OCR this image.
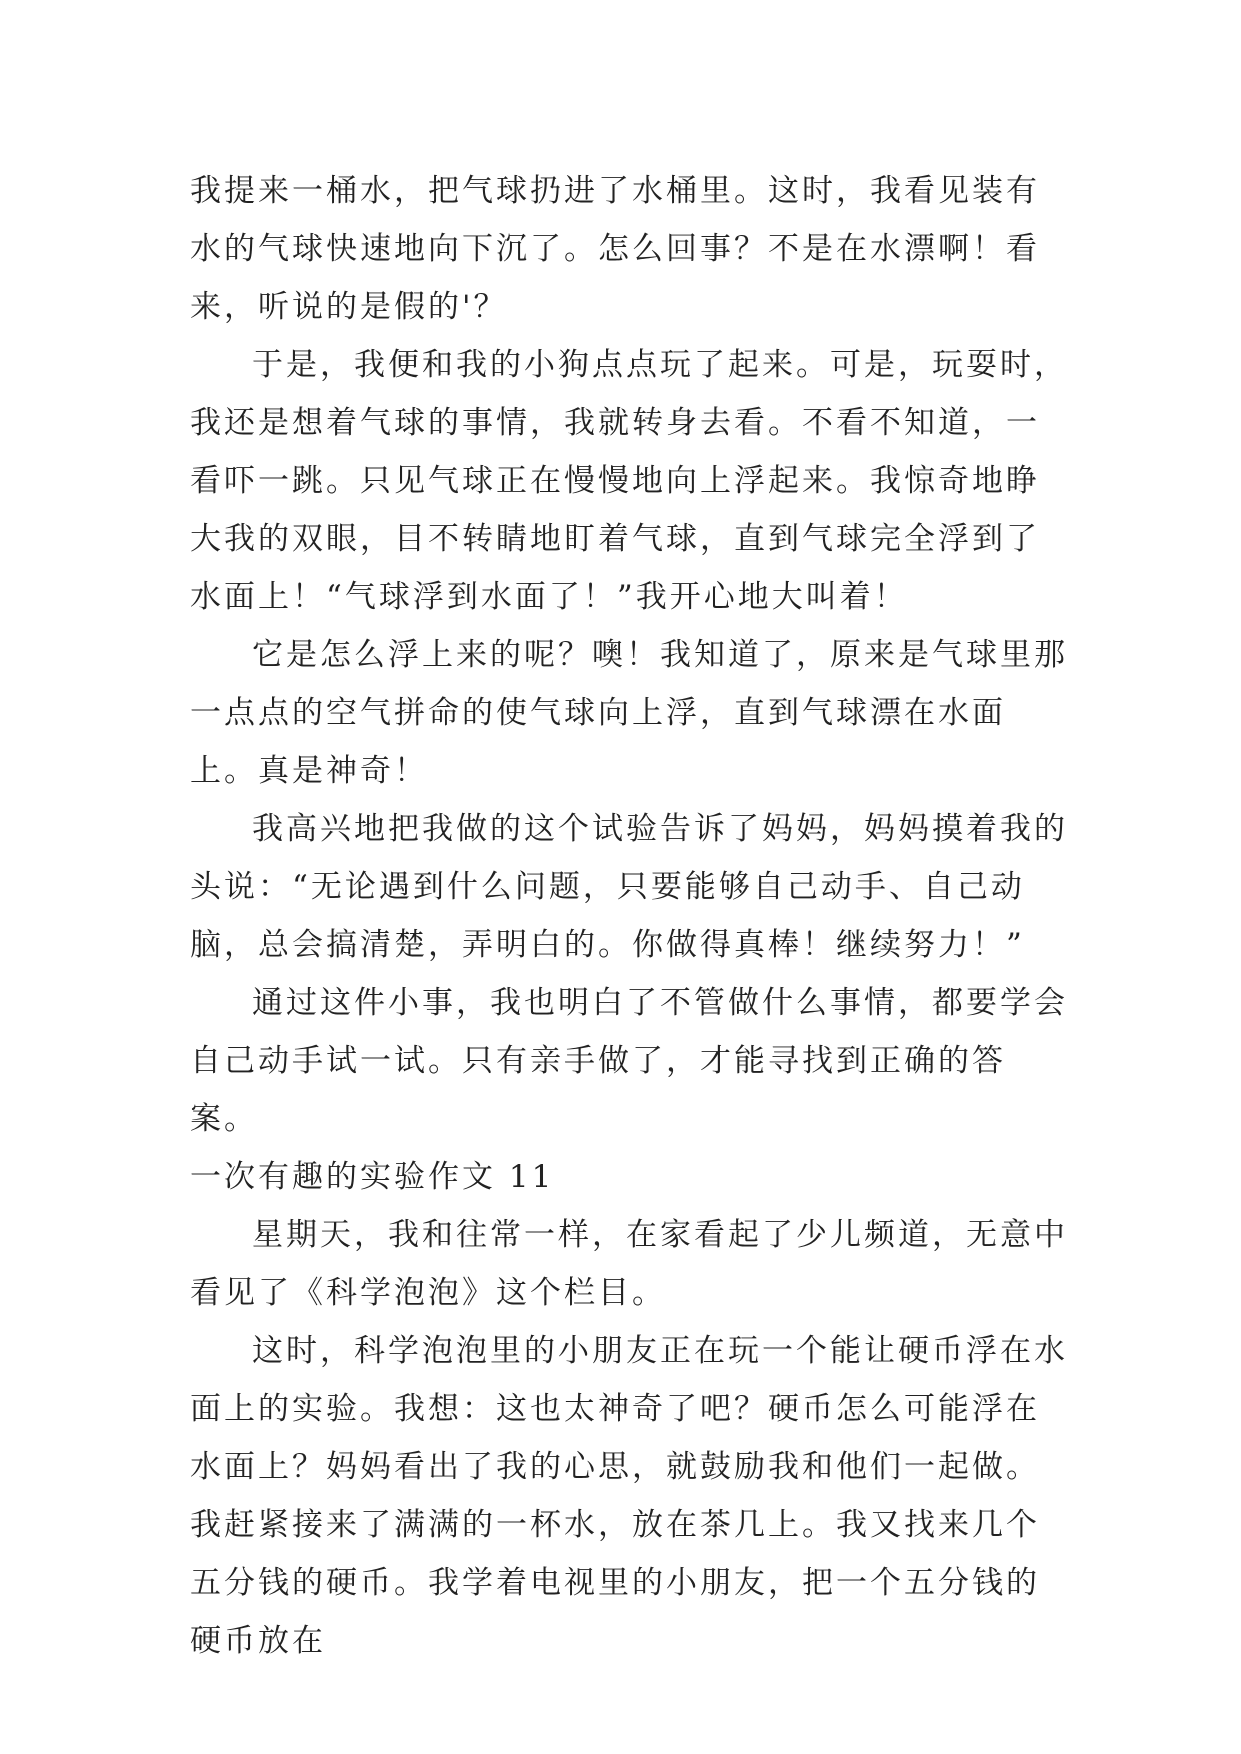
我提来一桶水，把气球扔进了水桶里。这时，我看见装有水的气球快速地向下沉了。怎么回事？不是在水漂啊！看来，听说的是假的'？

于是，我便和我的小狗点点玩了起来。可是，玩耍时，我还是想着气球的事情，我就转身去看。不看不知道，一看吓一跳。只见气球正在慢慢地向上浮起来。我惊奇地睁大我的双眼，目不转睛地盯着气球，直到气球完全浮到了水面上！“气球浮到水面了！”我开心地大叫着！

它是怎么浮上来的呢？噢！我知道了，原来是气球里那一点点的空气拼命的使气球向上浮，直到气球漂在水面上。真是神奇！

我高兴地把我做的这个试验告诉了妈妈，妈妈摸着我的头说：“无论遇到什么问题，只要能够自己动手、自己动脑，总会搞清楚，弄明白的。你做得真棒！继续努力！”

通过这件小事，我也明白了不管做什么事情，都要学会自己动手试一试。只有亲手做了，才能寻找到正确的答案。

一次有趣的实验作文 11

星期天，我和往常一样，在家看起了少儿频道，无意中看见了《科学泡泡》这个栏目。

这时，科学泡泡里的小朋友正在玩一个能让硬币浮在水面上的实验。我想：这也太神奇了吧？硬币怎么可能浮在水面上？妈妈看出了我的心思，就鼓励我和他们一起做。我赶紧接来了满满的一杯水，放在茶几上。我又找来几个五分钱的硬币。我学着电视里的小朋友，把一个五分钱的硬币放在
